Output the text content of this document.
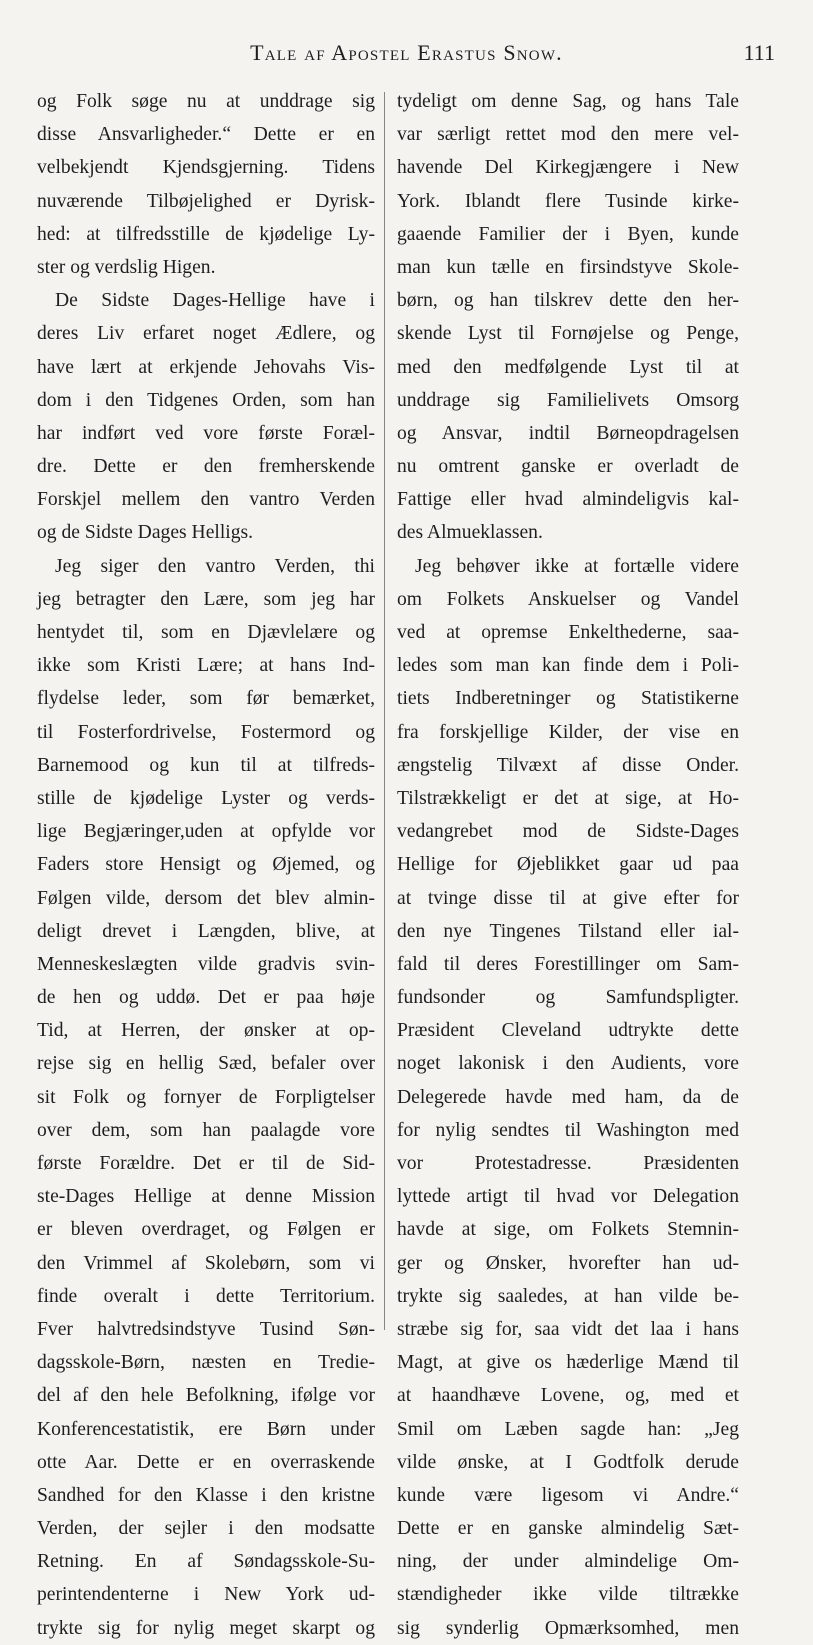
Tale af Apostel Erastus Snow.	111
og Folk søge nu at unddrage sig
disse Ansvarligheder.“ Dette er en
velbekjendt Kjendsgjerning. Tidens
nuværende Tilbøjelighed er Dyrisk-
hed: at tilfredsstille de kjødelige Ly-
ster og verdslig Higen.
De Sidste Dages-Hellige have i
deres Liv erfaret noget Ædlere, og
have lært at erkjende Jehovahs Vis-
dom i den Tidgenes Orden, som han
har indført ved vore første Foræl-
dre. Dette er den fremherskende
Forskjel mellem den vantro Verden
og de Sidste Dages Helligs.
Jeg siger den vantro Verden, thi
jeg betragter den Lære, som jeg har
hentydet til, som en Djævlelære og
ikke som Kristi Lære; at hans Ind-
flydelse leder, som før bemærket,
til Fosterfordrivelse, Fostermord og
Barnemood og kun til at tilfreds-
stille de kjødelige Lyster og verds-
lige Begjæringer,uden at opfylde vor
Faders store Hensigt og Øjemed, og
Følgen vilde, dersom det blev almin-
deligt drevet i Længden, blive, at
Menneskeslægten vilde gradvis svin-
de hen og uddø. Det er paa høje
Tid, at Herren, der ønsker at op-
rejse sig en hellig Sæd, befaler over
sit Folk og fornyer de Forpligtelser
over dem, som han paalagde vore
første Forældre. Det er til de Sid-
ste-Dages Hellige at denne Mission
er bleven overdraget, og Følgen er
den Vrimmel af Skolebørn, som vi
finde overalt i dette Territorium.
Fver halvtredsindstyve Tusind Søn-
dagsskole-Børn, næsten en Tredie-
del af den hele Befolkning, ifølge vor
Konferencestatistik, ere Børn under
otte Aar. Dette er en overraskende
Sandhed for den Klasse i den kristne
Verden, der sejler i den modsatte
Retning. En af Søndagsskole-Su-
perintendenterne i New York ud-
trykte sig for nylig meget skarpt og
tydeligt om denne Sag, og hans Tale
var særligt rettet mod den mere vel-
havende Del Kirkegjængere i New
York. Iblandt flere Tusinde kirke-
gaaende Familier der i Byen, kunde
man kun tælle en firsindstyve Skole-
børn, og han tilskrev dette den her-
skende Lyst til Fornøjelse og Penge,
med den medfølgende Lyst til at
unddrage sig Familielivets Omsorg
og Ansvar, indtil Børneopdragelsen
nu omtrent ganske er overladt de
Fattige eller hvad almindeligvis kal-
des Almueklassen.
Jeg behøver ikke at fortælle videre
om Folkets Anskuelser og Vandel
ved at opremse Enkelthederne, saa-
ledes som man kan finde dem i Poli-
tiets Indberetninger og Statistikerne
fra forskjellige Kilder, der vise en
ængstelig Tilvæxt af disse Onder.
Tilstrækkeligt er det at sige, at Ho-
vedangrebet mod de Sidste-Dages
Hellige for Øjeblikket gaar ud paa
at tvinge disse til at give efter for
den nye Tingenes Tilstand eller ial-
fald til deres Forestillinger om Sam-
fundsonder og Samfundspligter.
Præsident Cleveland udtrykte dette
noget lakonisk i den Audients, vore
Delegerede havde med ham, da de
for nylig sendtes til Washington med
vor Protestadresse. Præsidenten
lyttede artigt til hvad vor Delegation
havde at sige, om Folkets Stemnin-
ger og Ønsker, hvorefter han ud-
trykte sig saaledes, at han vilde be-
stræbe sig for, saa vidt det laa i hans
Magt, at give os hæderlige Mænd til
at haandhæve Lovene, og, med et
Smil om Læben sagde han: „Jeg
vilde ønske, at I Godtfolk derude
kunde være ligesom vi Andre.“
Dette er en ganske almindelig Sæt-
ning, der under almindelige Om-
stændigheder ikke vilde tiltrække
sig synderlig Opmærksomhed, men
